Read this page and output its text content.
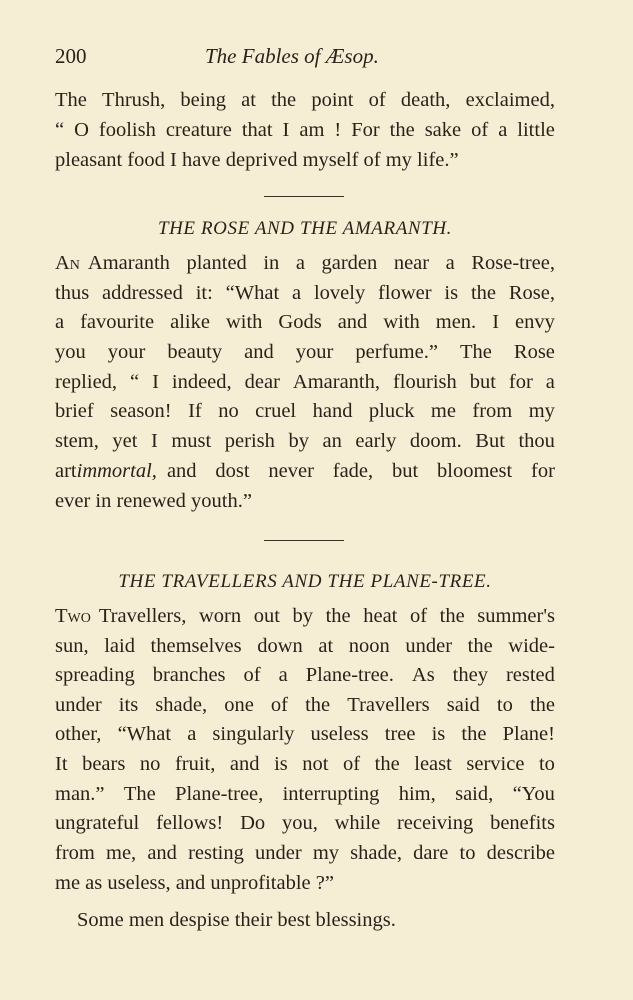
200	The Fables of Æsop.
The Thrush, being at the point of death, exclaimed,
“ O foolish creature that I am ! For the sake of a little
pleasant food I have deprived myself of my life.”
THE ROSE AND THE AMARANTH.
An Amaranth planted in a garden near a Rose-tree,
thus addressed it: “What a lovely flower is the Rose,
a favourite alike with Gods and with men. I envy
you your beauty and your perfume.” The Rose
replied, “ I indeed, dear Amaranth, flourish but for a
brief season! If no cruel hand pluck me from my
stem, yet I must perish by an early doom. But thou
art immortal, and dost never fade, but bloomest for
ever in renewed youth.”
THE TRAVELLERS AND THE PLANE-TREE.
Two Travellers, worn out by the heat of the summer's
sun, laid themselves down at noon under the wide-
spreading branches of a Plane-tree. As they rested
under its shade, one of the Travellers said to the
other, “What a singularly useless tree is the Plane!
It bears no fruit, and is not of the least service to
man.” The Plane-tree, interrupting him, said, “You
ungrateful fellows! Do you, while receiving benefits
from me, and resting under my shade, dare to describe
me as useless, and unprofitable ?”
Some men despise their best blessings.
